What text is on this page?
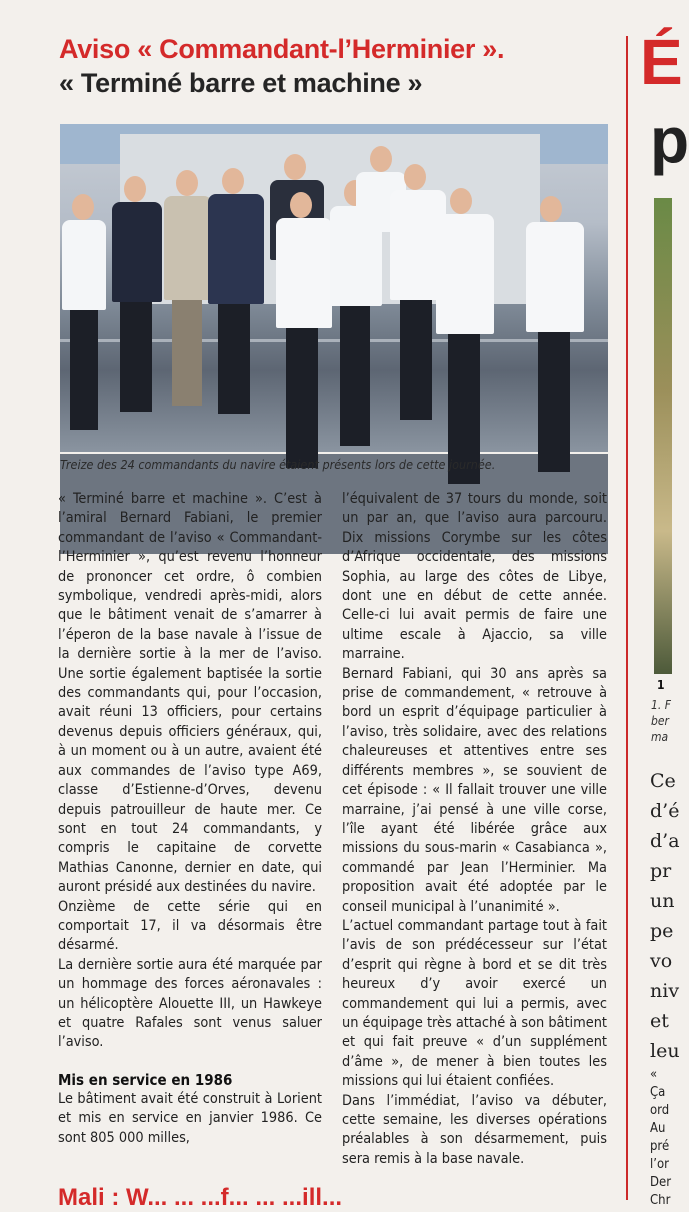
Aviso « Commandant-l’Herminier ».
« Terminé barre et machine »
Treize des 24 commandants du navire étaient présents lors de cette journée.

« Terminé barre et machine ». C’est à l’amiral Bernard Fabiani, le premier commandant de l’aviso « Commandant-l’Herminier », qu’est revenu l’honneur de prononcer cet ordre, ô combien symbolique, vendredi après-midi, alors que le bâtiment venait de s’amarrer à l’éperon de la base navale à l’issue de la dernière sortie à la mer de l’aviso. Une sortie également baptisée la sortie des commandants qui, pour l’occasion, avait réuni 13 officiers, pour certains devenus depuis officiers généraux, qui, à un moment ou à un autre, avaient été aux commandes de l’aviso type A69, classe d’Estienne-d’Orves, devenu depuis patrouilleur de haute mer. Ce sont en tout 24 commandants, y compris le capitaine de corvette Mathias Canonne, dernier en date, qui auront présidé aux destinées du navire.

Onzième de cette série qui en comportait 17, il va désormais être désarmé.

La dernière sortie aura été marquée par un hommage des forces aéronavales : un hélicoptère Alouette III, un Hawkeye et quatre Rafales sont venus saluer l’aviso.

Mis en service en 1986

Le bâtiment avait été construit à Lorient et mis en service en janvier 1986. Ce sont 805 000 milles,

l’équivalent de 37 tours du monde, soit un par an, que l’aviso aura parcouru. Dix missions Corymbe sur les côtes d’Afrique occidentale, des missions Sophia, au large des côtes de Libye, dont une en début de cette année. Celle-ci lui avait permis de faire une ultime escale à Ajaccio, sa ville marraine.

Bernard Fabiani, qui 30 ans après sa prise de commandement, « retrouve à bord un esprit d’équipage particulier à l’aviso, très solidaire, avec des relations chaleureuses et attentives entre ses différents membres », se souvient de cet épisode : « Il fallait trouver une ville marraine, j’ai pensé à une ville corse, l’île ayant été libérée grâce aux missions du sous-marin « Casabianca », commandé par Jean l’Herminier. Ma proposition avait été adoptée par le conseil municipal à l’unanimité ».

L’actuel commandant partage tout à fait l’avis de son prédécesseur sur l’état d’esprit qui règne à bord et se dit très heureux d’y avoir exercé un commandement qui lui a permis, avec un équipage très attaché à son bâtiment et qui fait preuve « d’un supplément d’âme », de mener à bien toutes les missions qui lui étaient confiées.

Dans l’immédiat, l’aviso va débuter, cette semaine, les diverses opérations préalables à son désarmement, puis sera remis à la base navale.

É
p
1
1. F
ber
ma
Ce
d’é
d’a
pr
un
pe
vo
niv
et
leu
« Ça
ord
Au
pré
l’or
Der
Chr
Mali : W... ... ...f... ... ...ill...
